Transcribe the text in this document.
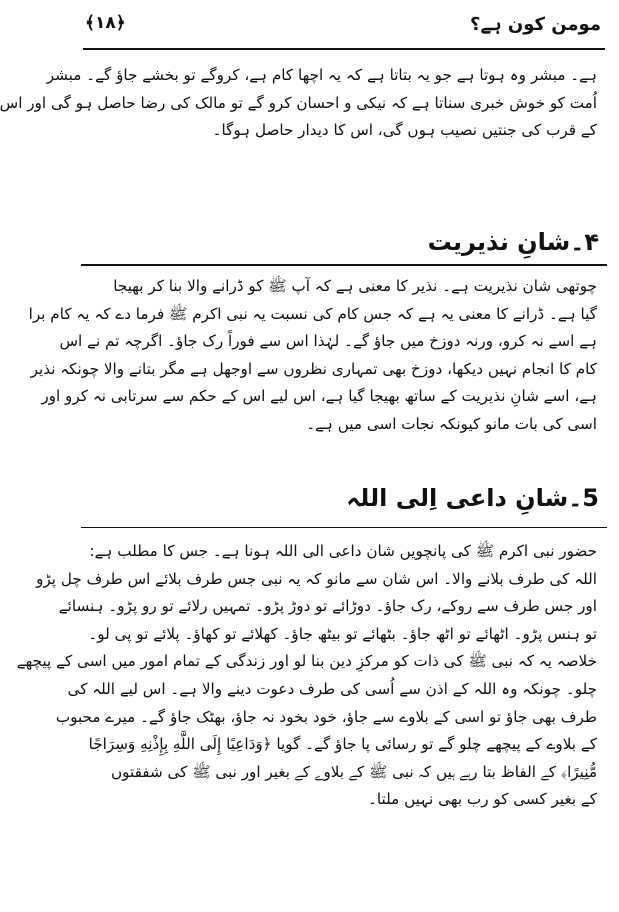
مومن کون ہے؟
﴾١٨﴿

ہے۔ مبشر وہ ہوتا ہے جو یہ بتاتا ہے کہ یہ اچھا کام ہے، کروگے تو بخشے جاؤ گے۔ مبشر

اُمت کو خوش خبری سناتا ہے کہ نیکی و احسان کرو گے تو مالک کی رضا حاصل ہو گی اور اس

کے قرب کی جنتیں نصیب ہوں گی، اس کا دیدار حاصل ہوگا۔

۴۔شانِ نذیریت

چوتھی شان نذیریت ہے۔ نذیر کا معنی ہے کہ آپ ﷺ کو ڈرانے والا بنا کر بھیجا

گیا ہے۔ ڈرانے کا معنی یہ ہے کہ جس کام کی نسبت یہ نبی اکرم ﷺ فرما دے کہ یہ کام برا

ہے اسے نہ کرو، ورنہ دوزخ میں جاؤ گے۔ لہٰذا اس سے فوراً رک جاؤ۔ اگرچہ تم نے اس

کام کا انجام نہیں دیکھا، دوزخ بھی تمہاری نظروں سے اوجھل ہے مگر بتانے والا چونکہ نذیر

ہے، اسے شانِ نذیریت کے ساتھ بھیجا گیا ہے، اس لیے اس کے حکم سے سرتابی نہ کرو اور

اسی کی بات مانو کیونکہ نجات اسی میں ہے۔

5۔شانِ داعی اِلی اللہ

حضور نبی اکرم ﷺ کی پانچویں شان داعی الی اللہ ہونا ہے۔ جس کا مطلب ہے:

اللہ کی طرف بلانے والا۔ اس شان سے مانو کہ یہ نبی جس طرف بلائے اس طرف چل پڑو

اور جس طرف سے روکے، رک جاؤ۔ دوڑائے تو دوڑ پڑو۔ تمہیں رلائے تو رو پڑو۔ ہنسائے

تو ہنس پڑو۔ اٹھائے تو اٹھ جاؤ۔ بٹھائے تو بیٹھ جاؤ۔ کھلائے تو کھاؤ۔ پلائے تو پی لو۔

خلاصہ یہ کہ نبی ﷺ کی ذات کو مرکزِ دین بنا لو اور زندگی کے تمام امور میں اسی کے پیچھے

چلو۔ چونکہ وہ اللہ کے اذن سے اُسی کی طرف دعوت دینے والا ہے۔ اس لیے اللہ کی

طرف بھی جاؤ تو اسی کے بلاوے سے جاؤ، خود بخود نہ جاؤ، بھٹک جاؤ گے۔ میرے محبوب

کے بلاوے کے پیچھے چلو گے تو رسائی پا جاؤ گے۔ گویا ﴿وَدَاعِيًا إِلَى اللَّهِ بِإِذْنِهِ وَسِرَاجًا

مُّنِيرًا﴾ کے الفاظ بتا رہے ہیں کہ نبی ﷺ کے بلاوے کے بغیر اور نبی ﷺ کی شفقتوں

کے بغیر کسی کو رب بھی نہیں ملتا۔
